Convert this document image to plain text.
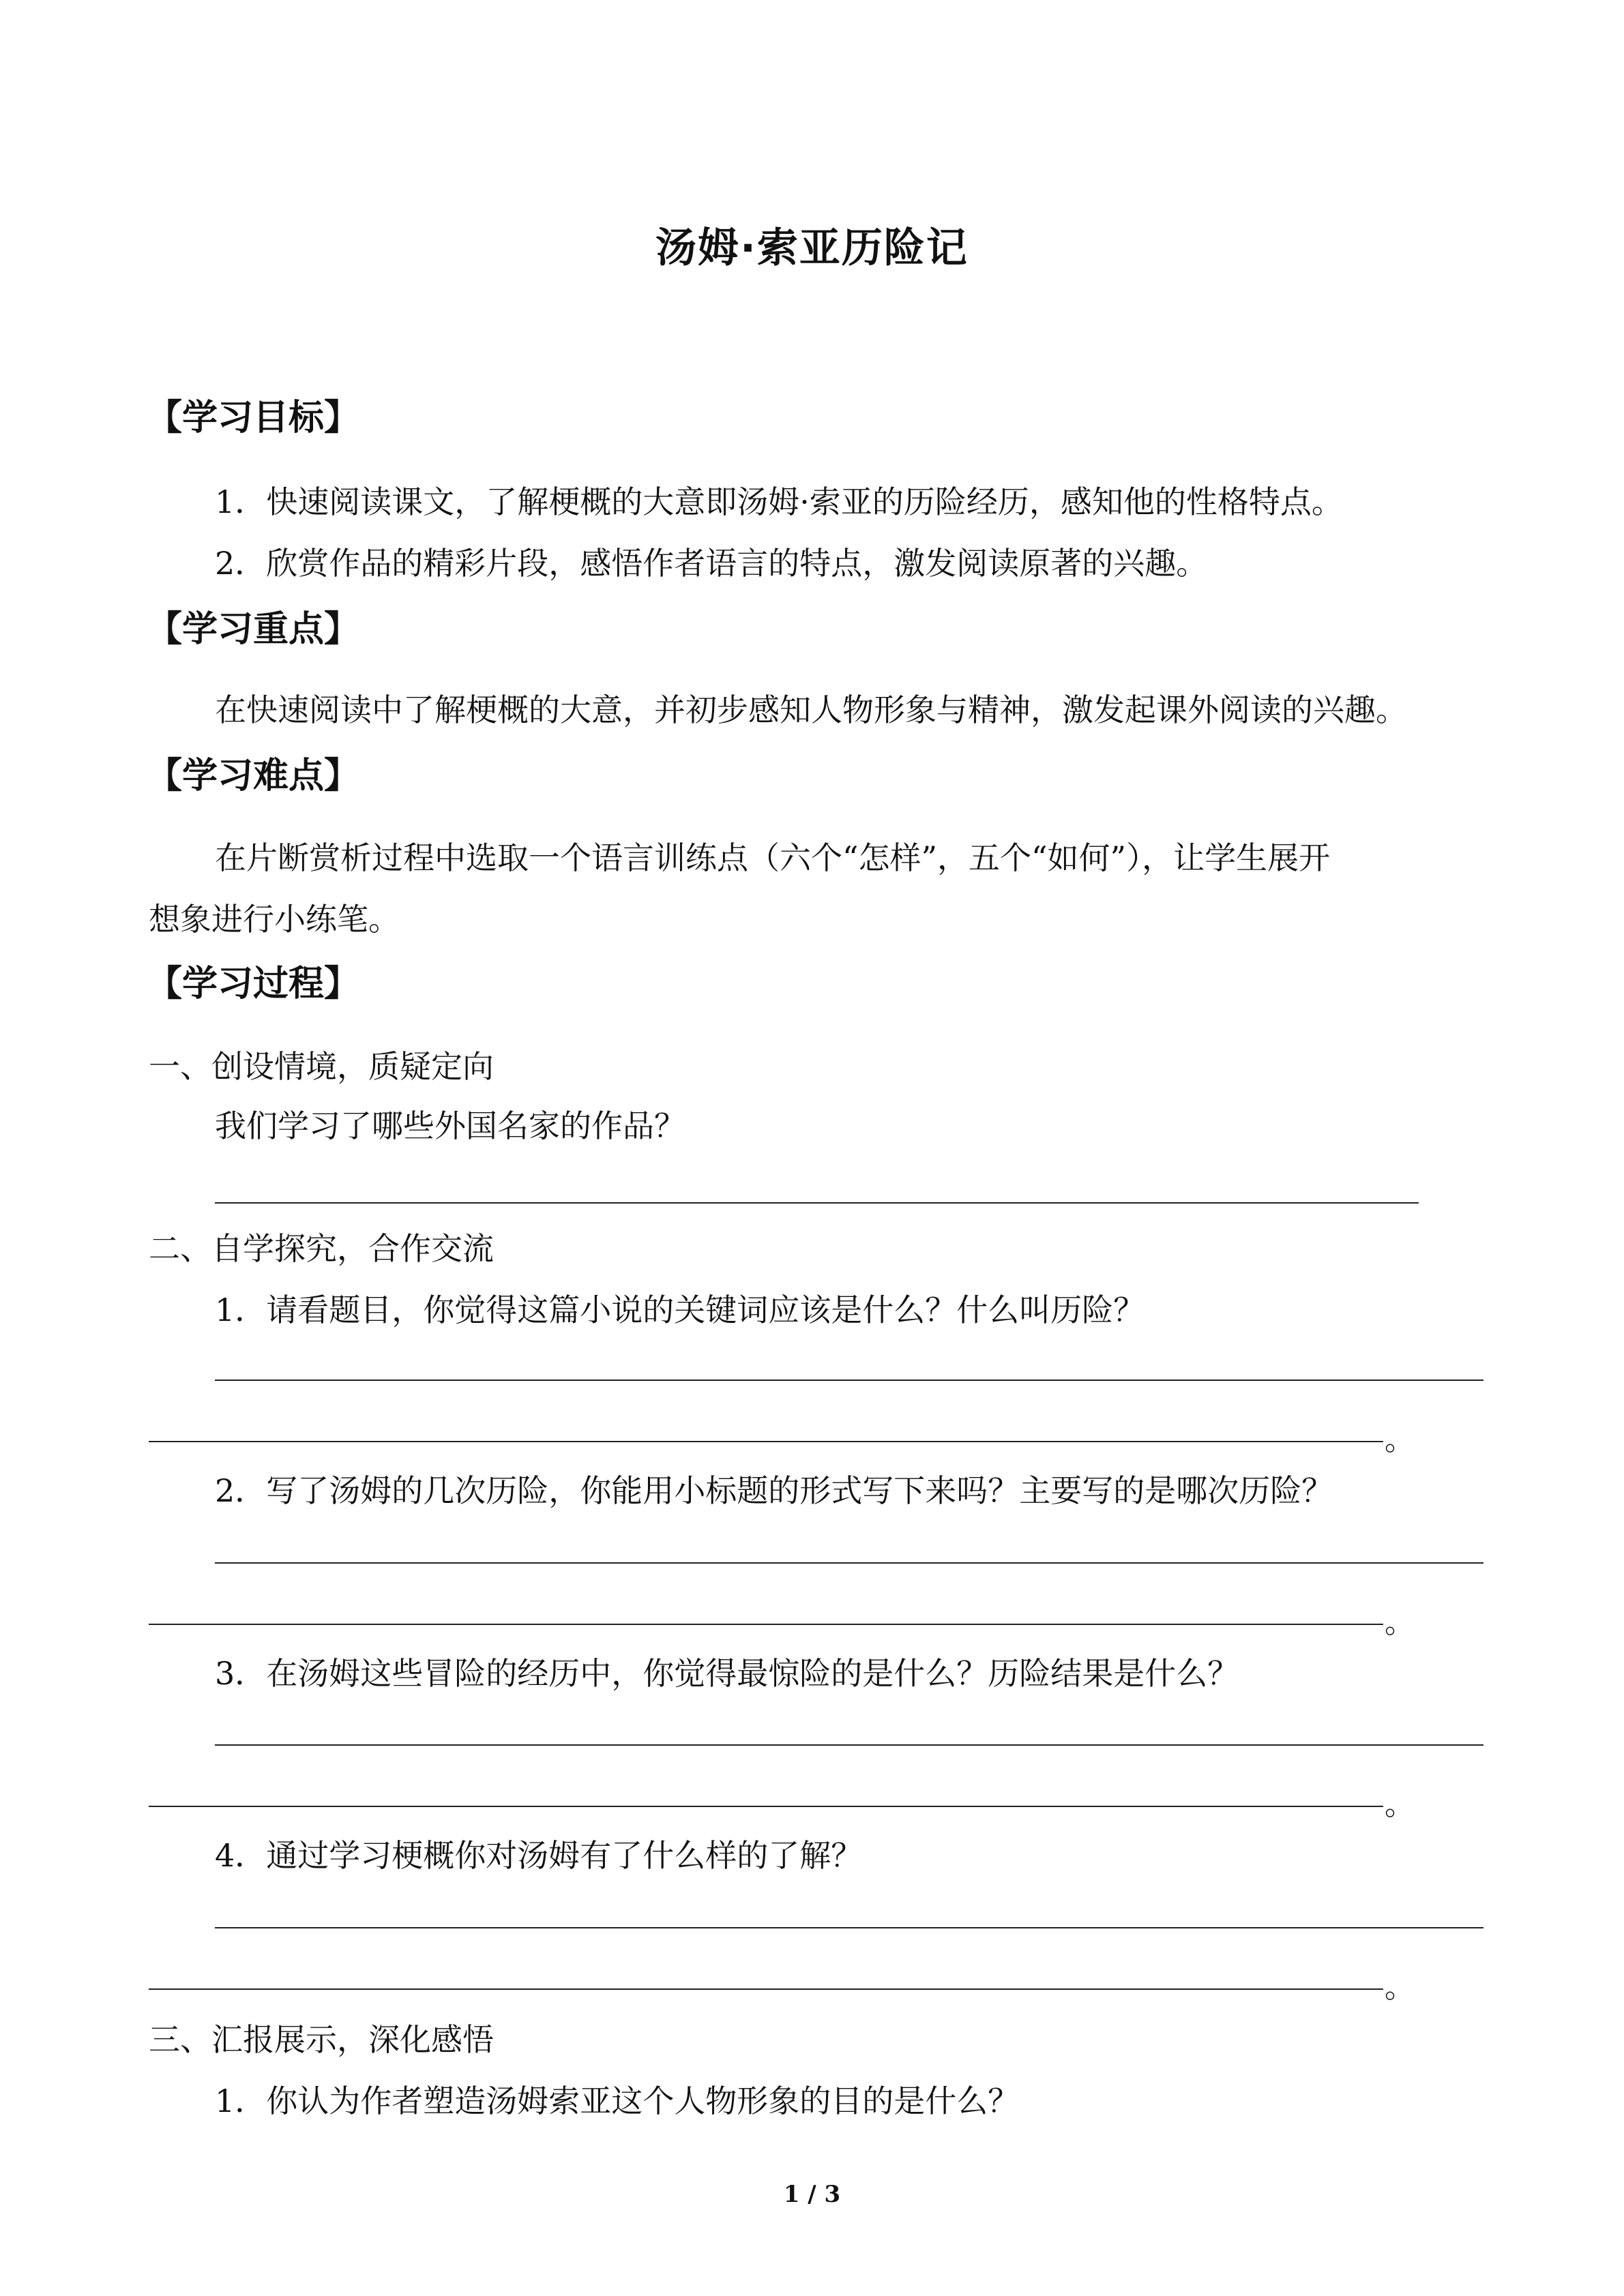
汤姆·索亚历险记
【学习目标】
1．快速阅读课文，了解梗概的大意即汤姆·索亚的历险经历，感知他的性格特点。
2．欣赏作品的精彩片段，感悟作者语言的特点，激发阅读原著的兴趣。
【学习重点】
在快速阅读中了解梗概的大意，并初步感知人物形象与精神，激发起课外阅读的兴趣。
【学习难点】
在片断赏析过程中选取一个语言训练点（六个“怎样”，五个“如何”），让学生展开
想象进行小练笔。
【学习过程】
一、创设情境，质疑定向
我们学习了哪些外国名家的作品？
二、自学探究，合作交流
1．请看题目，你觉得这篇小说的关键词应该是什么？什么叫历险？
。
2．写了汤姆的几次历险，你能用小标题的形式写下来吗？主要写的是哪次历险？
。
3．在汤姆这些冒险的经历中，你觉得最惊险的是什么？历险结果是什么？
。
4．通过学习梗概你对汤姆有了什么样的了解？
。
三、汇报展示，深化感悟
1．你认为作者塑造汤姆索亚这个人物形象的目的是什么？
1 / 3
